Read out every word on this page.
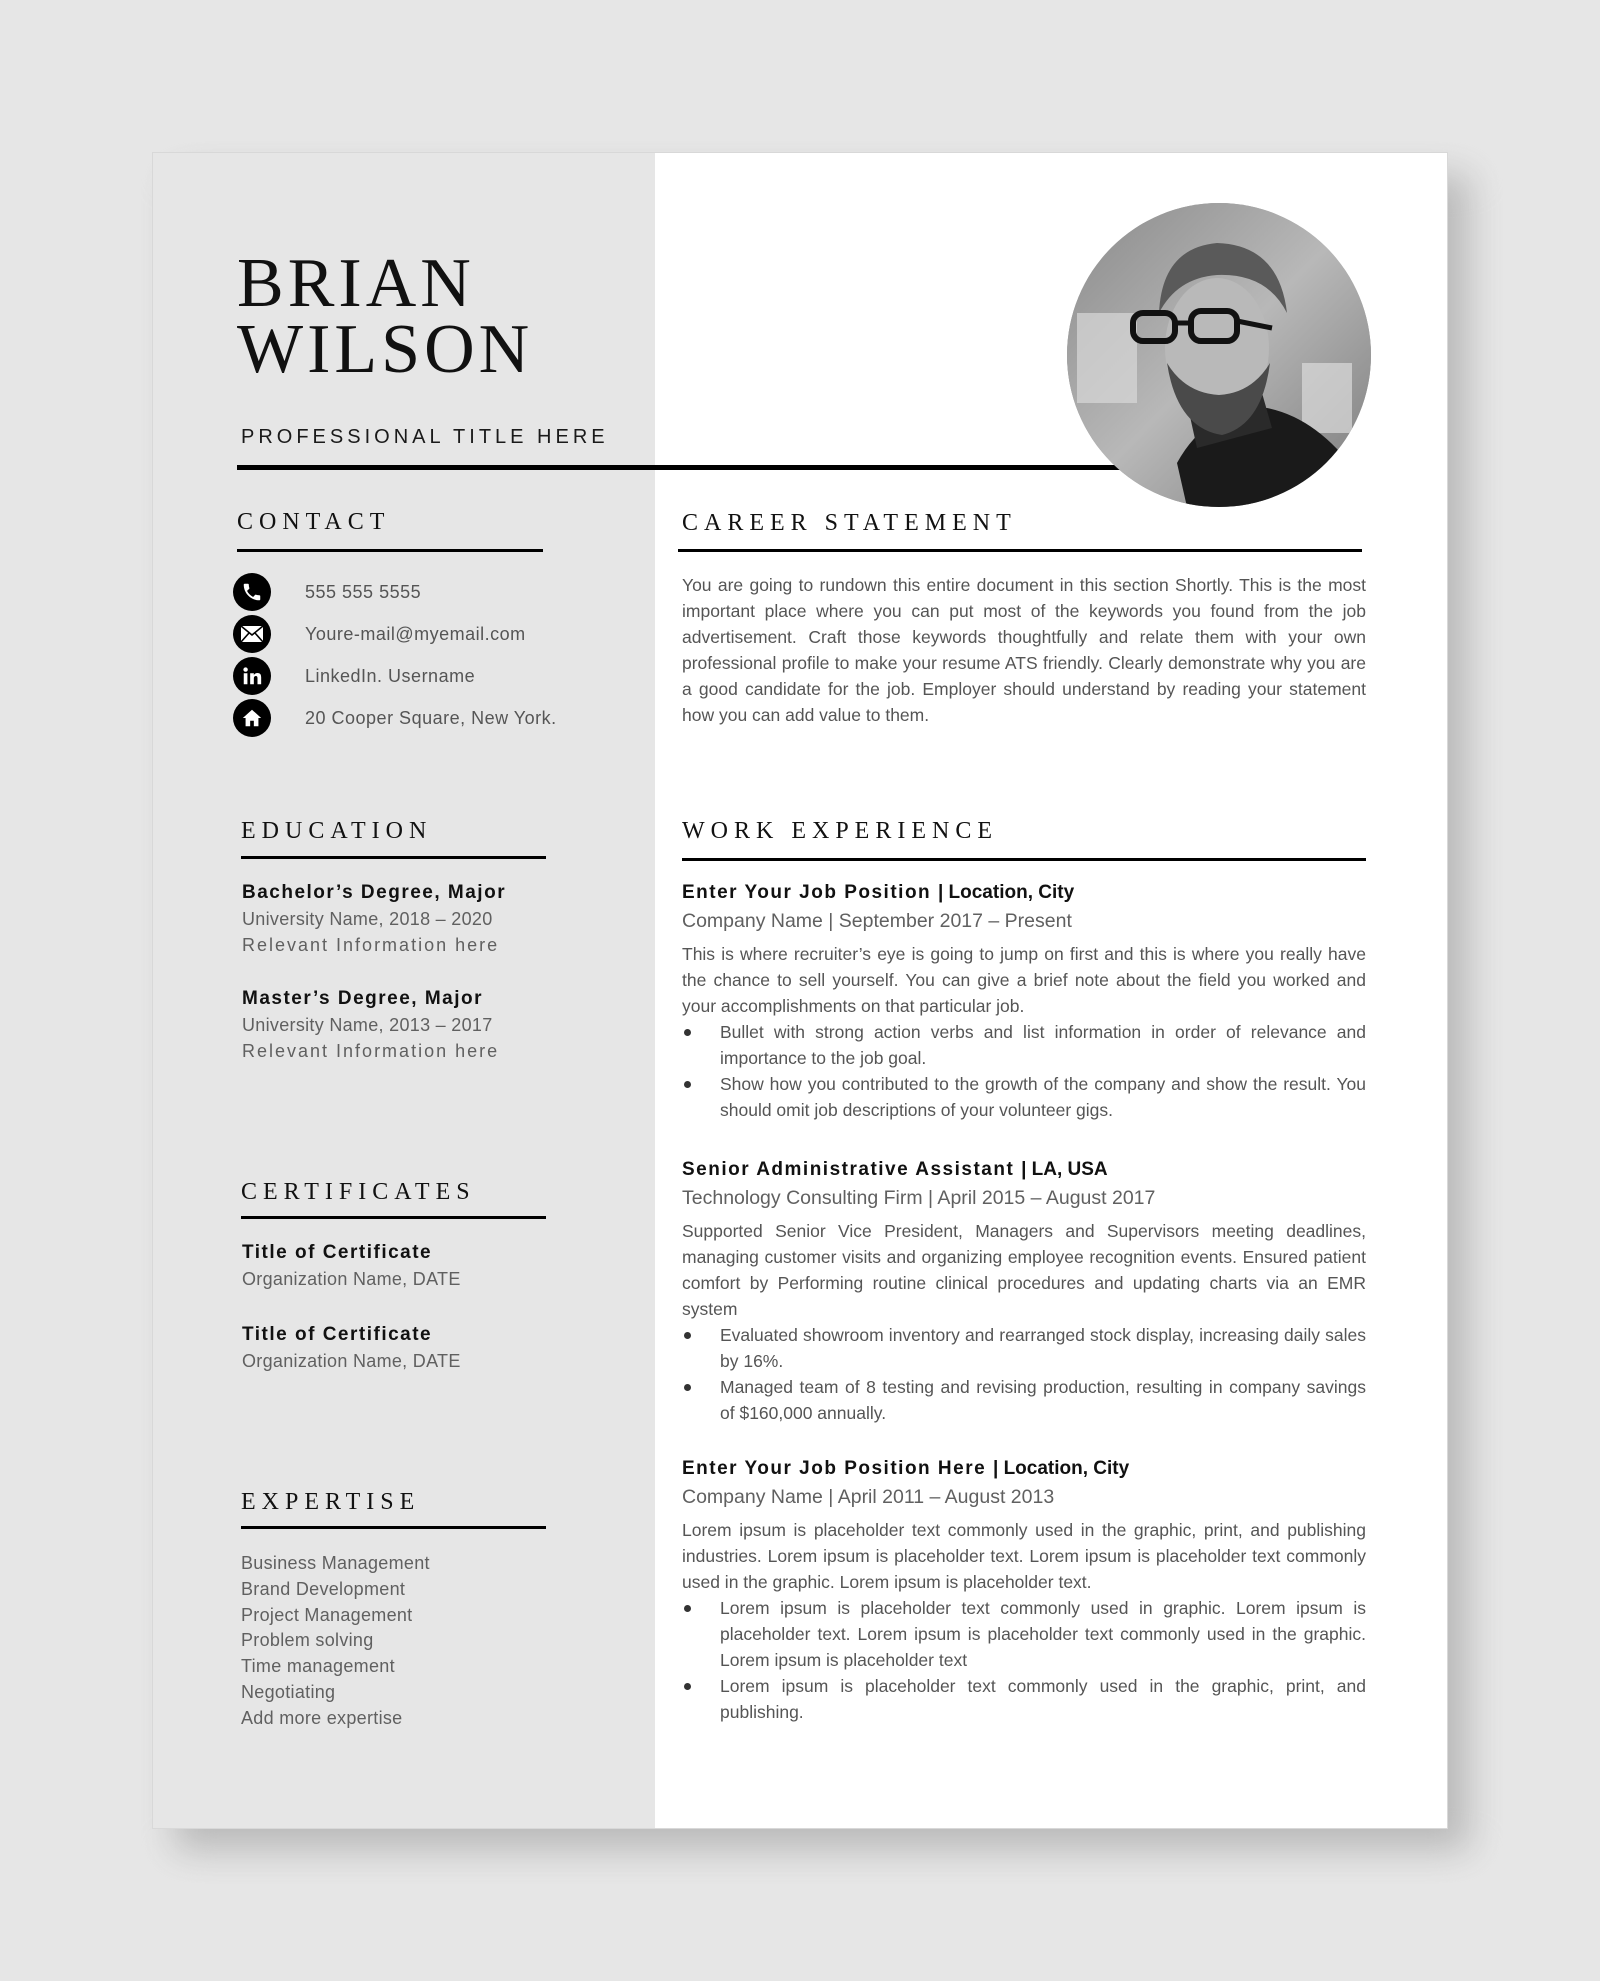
BRIAN
WILSON
PROFESSIONAL TITLE HERE
CONTACT
555 555 5555
Youre-mail@myemail.com
LinkedIn. Username
20 Cooper Square, New York.
EDUCATION
Bachelor’s Degree, Major
University Name, 2018 – 2020
Relevant Information here
Master’s Degree, Major
University Name, 2013 – 2017
Relevant Information here
CERTIFICATES
Title of Certificate
Organization Name, DATE
Title of Certificate
Organization Name, DATE
EXPERTISE
Business Management
Brand Development
Project Management
Problem solving
Time management
Negotiating
Add more expertise
CAREER STATEMENT

You are going to rundown this entire document in this section Shortly. This is the most important place where you can put most of the keywords you found from the job advertisement. Craft those keywords thoughtfully and relate them with your own professional profile to make your resume ATS friendly. Clearly demonstrate why you are a good candidate for the job. Employer should understand by reading your statement how you can add value to them.

WORK EXPERIENCE
Enter Your Job Position | Location, City
Company Name | September 2017 – Present

This is where recruiter’s eye is going to jump on first and this is where you really have the chance to sell yourself. You can give a brief note about the field you worked and your accomplishments on that particular job.

Bullet with strong action verbs and list information in order of relevance and importance to the job goal.
Show how you contributed to the growth of the company and show the result. You should omit job descriptions of your volunteer gigs.
Senior Administrative Assistant | LA, USA
Technology Consulting Firm | April 2015 – August 2017

Supported Senior Vice President, Managers and Supervisors meeting deadlines, managing customer visits and organizing employee recognition events. Ensured patient comfort by Performing routine clinical procedures and updating charts via an EMR system

Evaluated showroom inventory and rearranged stock display, increasing daily sales by 16%.
Managed team of 8 testing and revising production, resulting in company savings of $160,000 annually.
Enter Your Job Position Here | Location, City
Company Name | April 2011 – August 2013

Lorem ipsum is placeholder text commonly used in the graphic, print, and publishing industries. Lorem ipsum is placeholder text. Lorem ipsum is placeholder text commonly used in the graphic. Lorem ipsum is placeholder text.

Lorem ipsum is placeholder text commonly used in graphic. Lorem ipsum is placeholder text. Lorem ipsum is placeholder text commonly used in the graphic. Lorem ipsum is placeholder text
Lorem ipsum is placeholder text commonly used in the graphic, print, and publishing.
